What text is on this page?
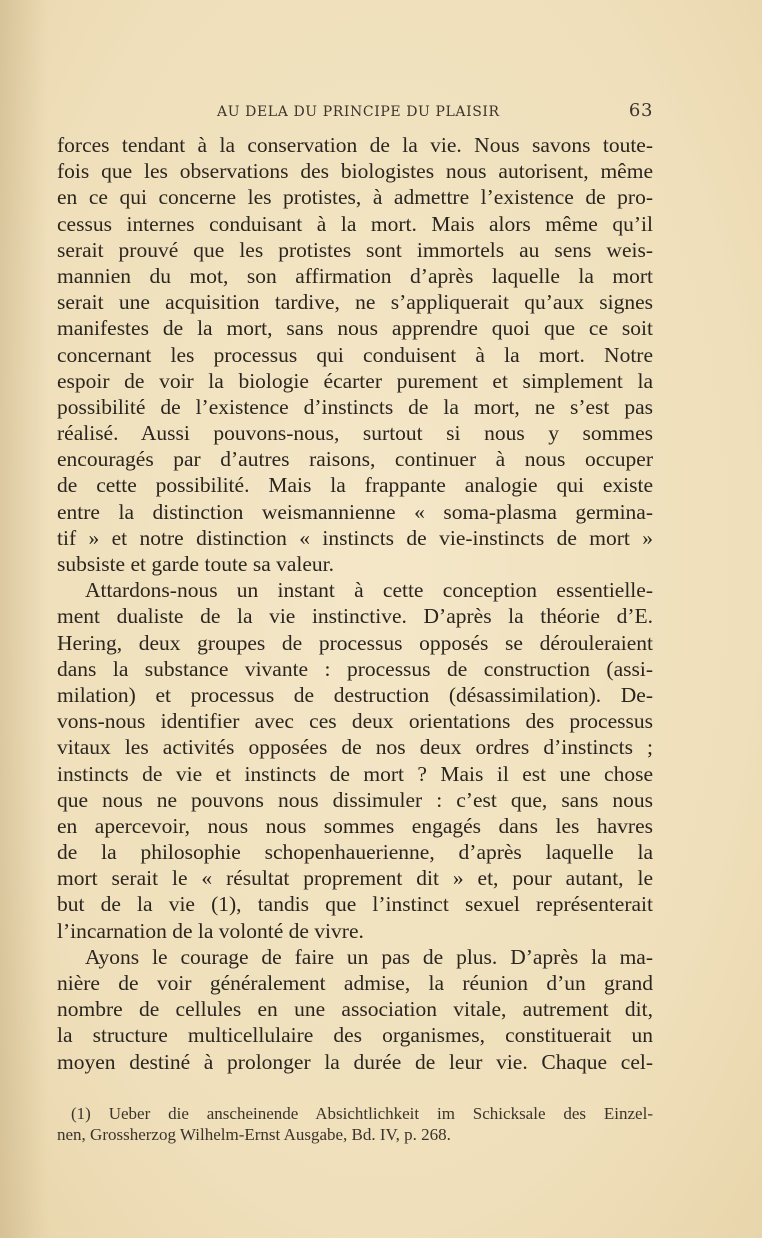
AU DELA DU PRINCIPE DU PLAISIR	63
forces tendant à la conservation de la vie. Nous savons toute-
fois que les observations des biologistes nous autorisent, même
en ce qui concerne les protistes, à admettre l’existence de pro-
cessus internes conduisant à la mort. Mais alors même qu’il
serait prouvé que les protistes sont immortels au sens weis-
mannien du mot, son affirmation d’après laquelle la mort
serait une acquisition tardive, ne s’appliquerait qu’aux signes
manifestes de la mort, sans nous apprendre quoi que ce soit
concernant les processus qui conduisent à la mort. Notre
espoir de voir la biologie écarter purement et simplement la
possibilité de l’existence d’instincts de la mort, ne s’est pas
réalisé. Aussi pouvons-nous, surtout si nous y sommes
encouragés par d’autres raisons, continuer à nous occuper
de cette possibilité. Mais la frappante analogie qui existe
entre la distinction weismannienne « soma-plasma germina-
tif » et notre distinction « instincts de vie-instincts de mort »
subsiste et garde toute sa valeur.
Attardons-nous un instant à cette conception essentielle-
ment dualiste de la vie instinctive. D’après la théorie d’E.
Hering, deux groupes de processus opposés se dérouleraient
dans la substance vivante : processus de construction (assi-
milation) et processus de destruction (désassimilation). De-
vons-nous identifier avec ces deux orientations des processus
vitaux les activités opposées de nos deux ordres d’instincts ;
instincts de vie et instincts de mort ? Mais il est une chose
que nous ne pouvons nous dissimuler : c’est que, sans nous
en apercevoir, nous nous sommes engagés dans les havres
de la philosophie schopenhauerienne, d’après laquelle la
mort serait le « résultat proprement dit » et, pour autant, le
but de la vie (1), tandis que l’instinct sexuel représenterait
l’incarnation de la volonté de vivre.
Ayons le courage de faire un pas de plus. D’après la ma-
nière de voir généralement admise, la réunion d’un grand
nombre de cellules en une association vitale, autrement dit,
la structure multicellulaire des organismes, constituerait un
moyen destiné à prolonger la durée de leur vie. Chaque cel-
(1) Ueber die anscheinende Absichtlichkeit im Schicksale des Einzel-
nen, Grossherzog Wilhelm-Ernst Ausgabe, Bd. IV, p. 268.
